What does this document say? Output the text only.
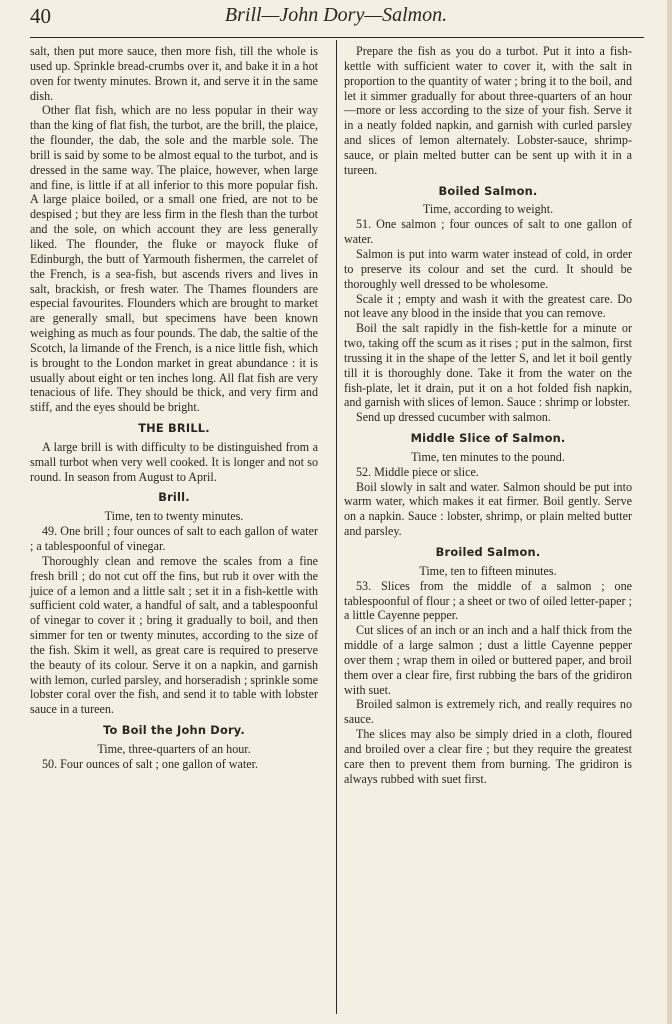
40	Brill—John Dory—Salmon.

salt, then put more sauce, then more fish, till the whole is used up. Sprinkle bread-crumbs over it, and bake it in a hot oven for twenty minutes. Brown it, and serve it in the same dish.

Other flat fish, which are no less popular in their way than the king of flat fish, the turbot, are the brill, the plaice, the flounder, the dab, the sole and the marble sole. The brill is said by some to be almost equal to the turbot, and is dressed in the same way. The plaice, however, when large and fine, is little if at all inferior to this more popular fish. A large plaice boiled, or a small one fried, are not to be despised ; but they are less firm in the flesh than the turbot and the sole, on which account they are less generally liked. The flounder, the fluke or mayock fluke of Edinburgh, the butt of Yarmouth fishermen, the carrelet of the French, is a sea-fish, but ascends rivers and lives in salt, brackish, or fresh water. The Thames flounders are especial favourites. Flounders which are brought to market are generally small, but specimens have been known weighing as much as four pounds. The dab, the saltie of the Scotch, la limande of the French, is a nice little fish, which is brought to the London market in great abundance : it is usually about eight or ten inches long. All flat fish are very tenacious of life. They should be thick, and very firm and stiff, and the eyes should be bright.

THE BRILL.

A large brill is with difficulty to be distinguished from a small turbot when very well cooked. It is longer and not so round. In season from August to April.

Brill.

Time, ten to twenty minutes.

49. One brill ; four ounces of salt to each gallon of water ; a tablespoonful of vinegar.

Thoroughly clean and remove the scales from a fine fresh brill ; do not cut off the fins, but rub it over with the juice of a lemon and a little salt ; set it in a fish-kettle with sufficient cold water, a handful of salt, and a tablespoonful of vinegar to cover it ; bring it gradually to boil, and then simmer for ten or twenty minutes, according to the size of the fish. Skim it well, as great care is required to preserve the beauty of its colour. Serve it on a napkin, and garnish with lemon, curled parsley, and horseradish ; sprinkle some lobster coral over the fish, and send it to table with lobster sauce in a tureen.

To Boil the John Dory.

Time, three-quarters of an hour.

50. Four ounces of salt ; one gallon of water.

Prepare the fish as you do a turbot. Put it into a fish-kettle with sufficient water to cover it, with the salt in proportion to the quantity of water ; bring it to the boil, and let it simmer gradually for about three-quarters of an hour—more or less according to the size of your fish. Serve it in a neatly folded napkin, and garnish with curled parsley and slices of lemon alternately. Lobster-sauce, shrimp-sauce, or plain melted butter can be sent up with it in a tureen.

Boiled Salmon.

Time, according to weight.

51. One salmon ; four ounces of salt to one gallon of water.

Salmon is put into warm water instead of cold, in order to preserve its colour and set the curd. It should be thoroughly well dressed to be wholesome.

Scale it ; empty and wash it with the greatest care. Do not leave any blood in the inside that you can remove.

Boil the salt rapidly in the fish-kettle for a minute or two, taking off the scum as it rises ; put in the salmon, first trussing it in the shape of the letter S, and let it boil gently till it is thoroughly done. Take it from the water on the fish-plate, let it drain, put it on a hot folded fish napkin, and garnish with slices of lemon. Sauce : shrimp or lobster.

Send up dressed cucumber with salmon.

Middle Slice of Salmon.

Time, ten minutes to the pound.

52. Middle piece or slice.

Boil slowly in salt and water. Salmon should be put into warm water, which makes it eat firmer. Boil gently. Serve on a napkin. Sauce : lobster, shrimp, or plain melted butter and parsley.

Broiled Salmon.

Time, ten to fifteen minutes.

53. Slices from the middle of a salmon ; one tablespoonful of flour ; a sheet or two of oiled letter-paper ; a little Cayenne pepper.

Cut slices of an inch or an inch and a half thick from the middle of a large salmon ; dust a little Cayenne pepper over them ; wrap them in oiled or buttered paper, and broil them over a clear fire, first rubbing the bars of the gridiron with suet.

Broiled salmon is extremely rich, and really requires no sauce.

The slices may also be simply dried in a cloth, floured and broiled over a clear fire ; but they require the greatest care then to prevent them from burning. The gridiron is always rubbed with suet first.
